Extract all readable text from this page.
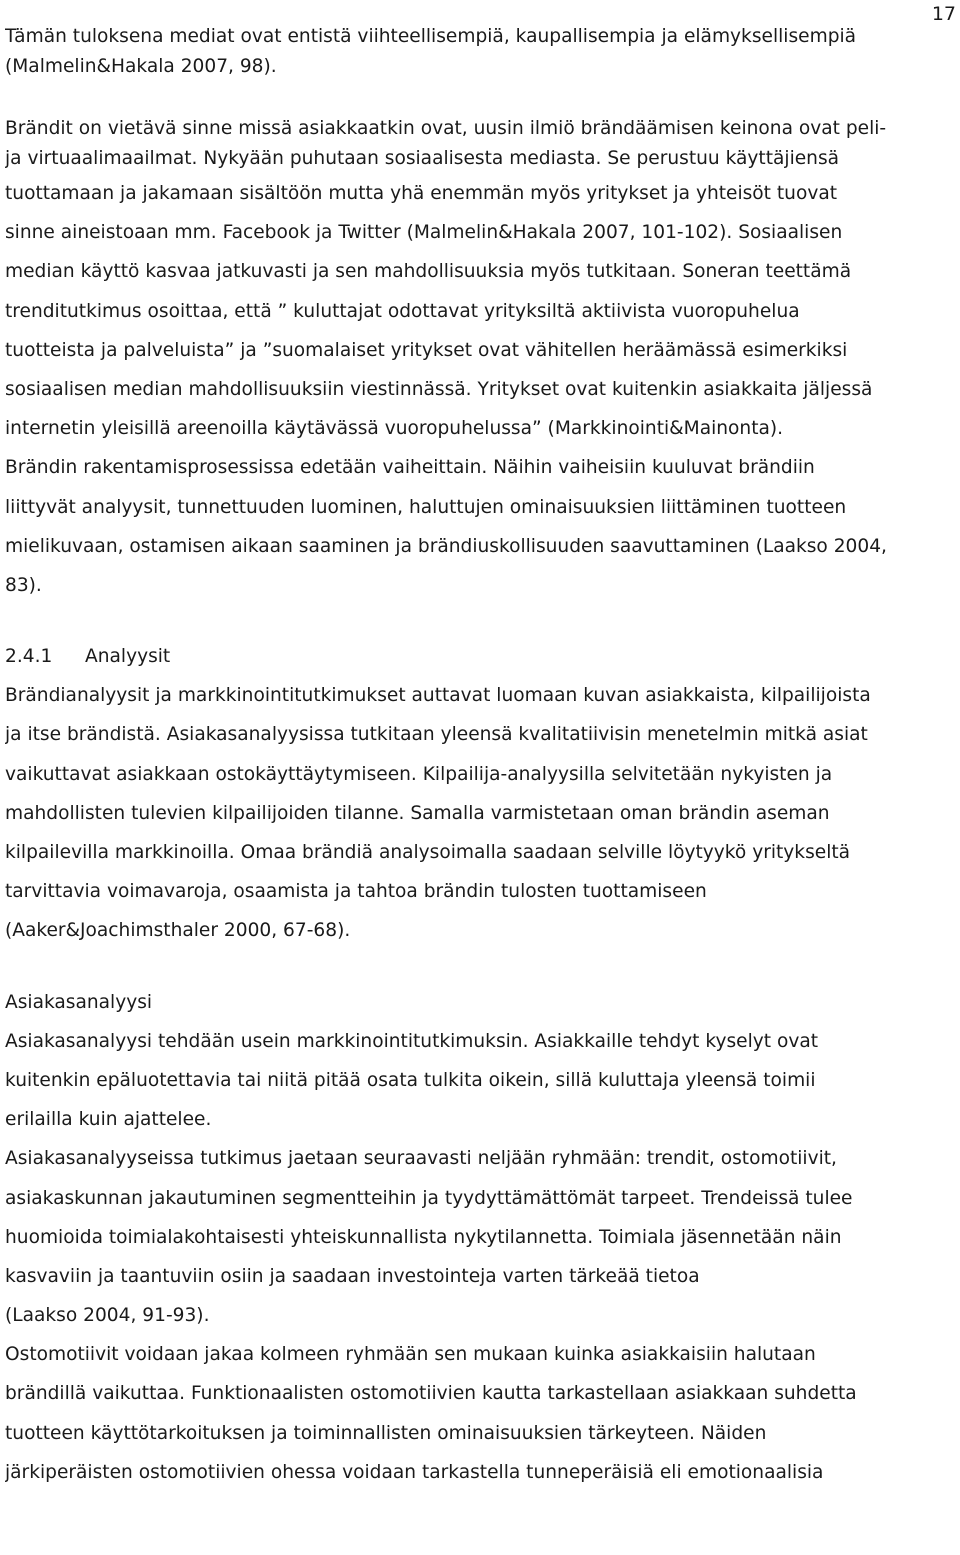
17
Tämän tuloksena mediat ovat entistä viihteellisempiä, kaupallisempia ja elämyksellisempiä
(Malmelin&Hakala 2007, 98).
Brändit on vietävä sinne missä asiakkaatkin ovat, uusin ilmiö brändäämisen keinona ovat peli-
ja virtuaalimaailmat. Nykyään puhutaan sosiaalisesta mediasta. Se perustuu käyttäjiensä
tuottamaan ja jakamaan sisältöön mutta yhä enemmän myös yritykset ja yhteisöt tuovat
sinne aineistoaan mm. Facebook ja Twitter (Malmelin&Hakala 2007, 101-102). Sosiaalisen
median käyttö kasvaa jatkuvasti ja sen mahdollisuuksia myös tutkitaan. Soneran teettämä
trenditutkimus osoittaa, että ” kuluttajat odottavat yrityksiltä aktiivista vuoropuhelua
tuotteista ja palveluista” ja ”suomalaiset yritykset ovat vähitellen heräämässä esimerkiksi
sosiaalisen median mahdollisuuksiin viestinnässä. Yritykset ovat kuitenkin asiakkaita jäljessä
internetin yleisillä areenoilla käytävässä vuoropuhelussa” (Markkinointi&Mainonta).
Brändin rakentamisprosessissa edetään vaiheittain. Näihin vaiheisiin kuuluvat brändiin
liittyvät analyysit, tunnettuuden luominen, haluttujen ominaisuuksien liittäminen tuotteen
mielikuvaan, ostamisen aikaan saaminen ja brändiuskollisuuden saavuttaminen (Laakso 2004,
83).
2.4.1 Analyysit
Brändianalyysit ja markkinointitutkimukset auttavat luomaan kuvan asiakkaista, kilpailijoista
ja itse brändistä. Asiakasanalyysissa tutkitaan yleensä kvalitatiivisin menetelmin mitkä asiat
vaikuttavat asiakkaan ostokäyttäytymiseen. Kilpailija-analyysilla selvitetään nykyisten ja
mahdollisten tulevien kilpailijoiden tilanne. Samalla varmistetaan oman brändin aseman
kilpailevilla markkinoilla. Omaa brändiä analysoimalla saadaan selville löytyykö yritykseltä
tarvittavia voimavaroja, osaamista ja tahtoa brändin tulosten tuottamiseen
(Aaker&Joachimsthaler 2000, 67-68).
Asiakasanalyysi
Asiakasanalyysi tehdään usein markkinointitutkimuksin. Asiakkaille tehdyt kyselyt ovat
kuitenkin epäluotettavia tai niitä pitää osata tulkita oikein, sillä kuluttaja yleensä toimii
erilailla kuin ajattelee.
Asiakasanalyyseissa tutkimus jaetaan seuraavasti neljään ryhmään: trendit, ostomotiivit,
asiakaskunnan jakautuminen segmentteihin ja tyydyttämättömät tarpeet. Trendeissä tulee
huomioida toimialakohtaisesti yhteiskunnallista nykytilannetta. Toimiala jäsennetään näin
kasvaviin ja taantuviin osiin ja saadaan investointeja varten tärkeää tietoa
(Laakso 2004, 91-93).
Ostomotiivit voidaan jakaa kolmeen ryhmään sen mukaan kuinka asiakkaisiin halutaan
brändillä vaikuttaa. Funktionaalisten ostomotiivien kautta tarkastellaan asiakkaan suhdetta
tuotteen käyttötarkoituksen ja toiminnallisten ominaisuuksien tärkeyteen. Näiden
järkiperäisten ostomotiivien ohessa voidaan tarkastella tunneperäisiä eli emotionaalisia
